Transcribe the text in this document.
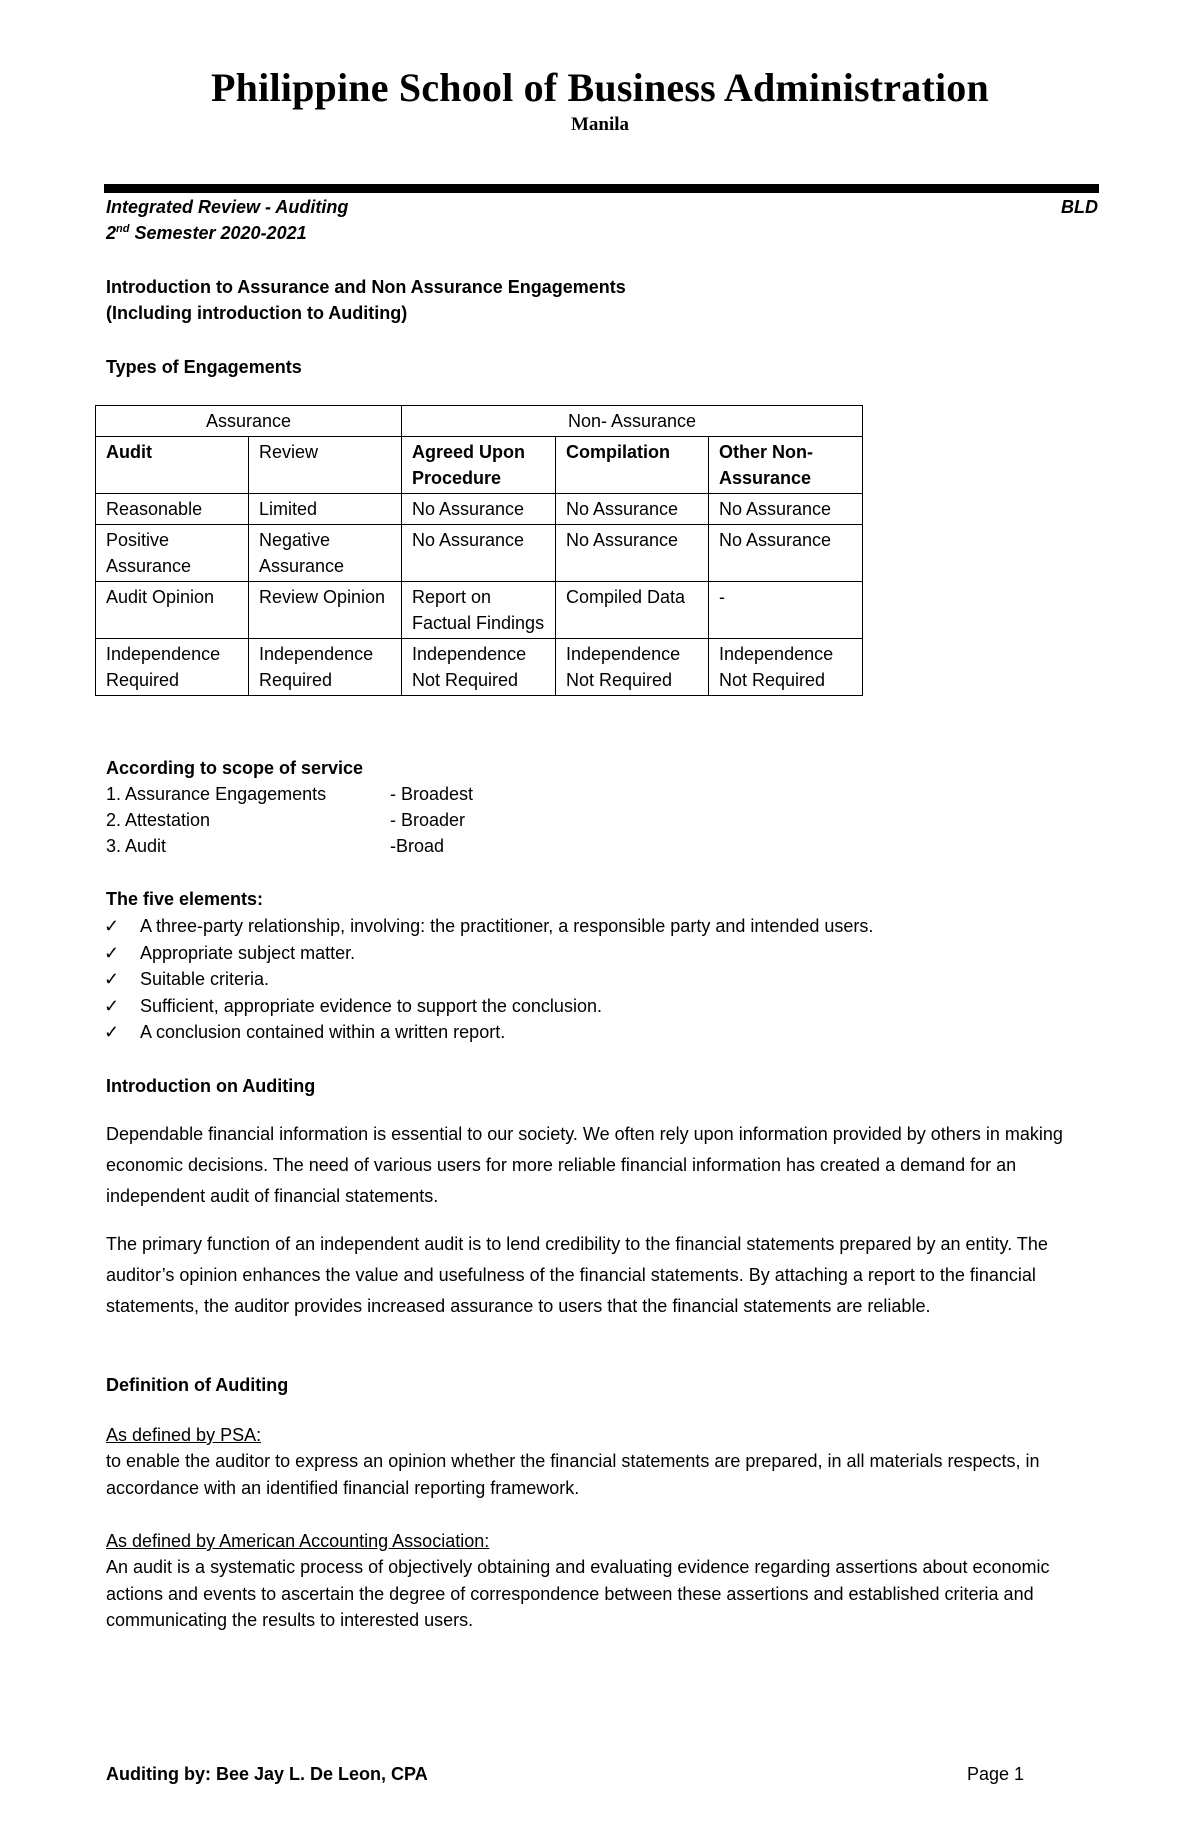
Philippine School of Business Administration
Manila
Integrated Review - Auditing	BLD
2nd Semester 2020-2021
Introduction to Assurance and Non Assurance Engagements
(Including introduction to Auditing)
Types of Engagements
Assurance		Non- Assurance		
Audit	Review	Agreed Upon Procedure	Compilation	Other Non-Assurance
Reasonable	Limited	No Assurance	No Assurance	No Assurance
Positive Assurance	Negative Assurance	No Assurance	No Assurance	No Assurance
Audit Opinion	Review Opinion	Report on Factual Findings	Compiled Data	-
Independence Required	Independence Required	Independence Not Required	Independence Not Required	Independence Not Required
According to scope of service
1. Assurance Engagements	- Broadest
2. Attestation	- Broader
3. Audit	-Broad
The five elements:
✓	A three-party relationship, involving: the practitioner, a responsible party and intended users.
✓	Appropriate subject matter.
✓	Suitable criteria.
✓	Sufficient, appropriate evidence to support the conclusion.
✓	A conclusion contained within a written report.
Introduction on Auditing
Dependable financial information is essential to our society. We often rely upon information provided by others in making economic decisions. The need of various users for more reliable financial information has created a demand for an independent audit of financial statements.
The primary function of an independent audit is to lend credibility to the financial statements prepared by an entity. The auditor’s opinion enhances the value and usefulness of the financial statements. By attaching a report to the financial statements, the auditor provides increased assurance to users that the financial statements are reliable.
Definition of Auditing
As defined by PSA:
to enable the auditor to express an opinion whether the financial statements are prepared, in all materials respects, in accordance with an identified financial reporting framework.
As defined by American Accounting Association:
An audit is a systematic process of objectively obtaining and evaluating evidence regarding assertions about economic actions and events to ascertain the degree of correspondence between these assertions and established criteria and communicating the results to interested users.
Auditing by: Bee Jay L. De Leon, CPA	Page 1
